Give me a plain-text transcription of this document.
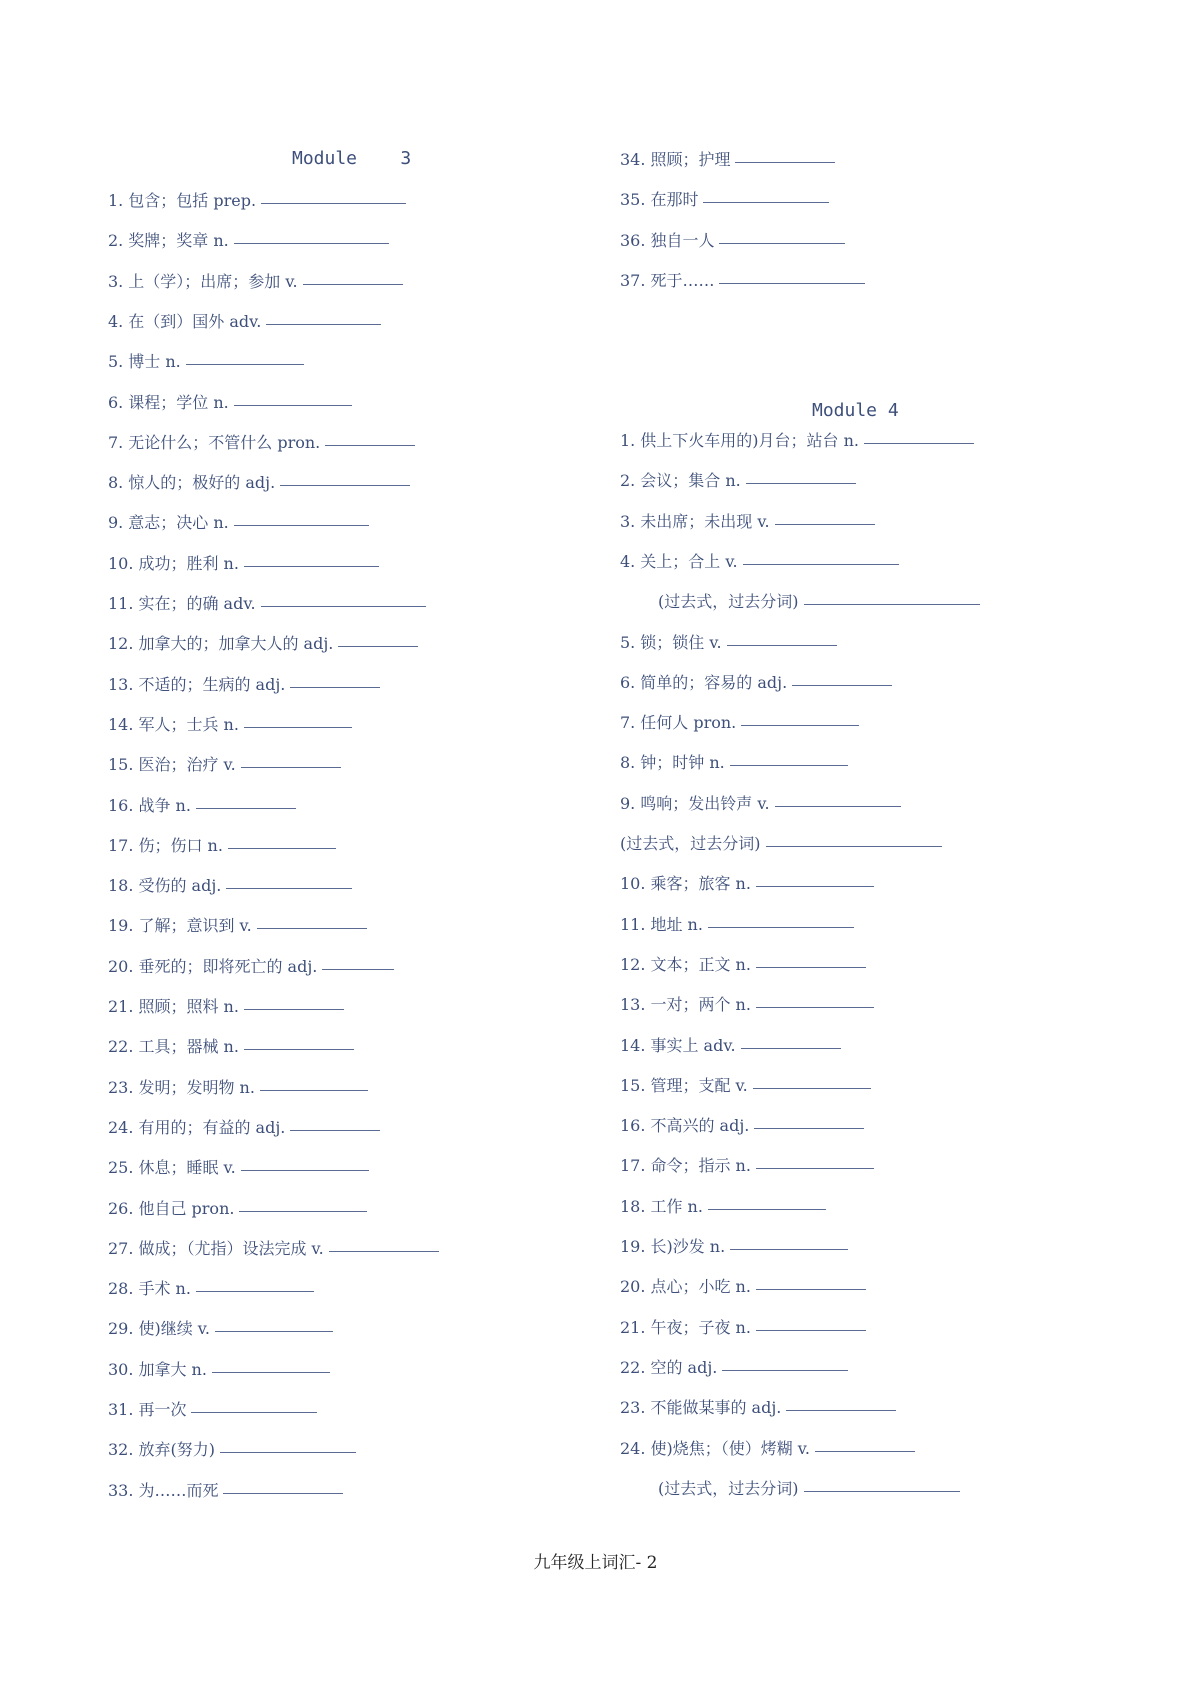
Module    3
1. 包含；包括 prep.
2. 奖牌；奖章 n.
3. 上（学）；出席；参加 v.
4. 在（到）国外 adv.
5. 博士 n.
6. 课程；学位 n.
7. 无论什么；不管什么 pron.
8. 惊人的；极好的 adj.
9. 意志；决心 n.
10. 成功；胜利 n.
11. 实在；的确 adv.
12. 加拿大的；加拿大人的 adj.
13. 不适的；生病的 adj.
14. 军人；士兵 n.
15. 医治；治疗 v.
16. 战争 n.
17. 伤；伤口 n.
18. 受伤的 adj.
19. 了解；意识到 v.
20. 垂死的；即将死亡的 adj.
21. 照顾；照料 n.
22. 工具；器械 n.
23. 发明；发明物 n.
24. 有用的；有益的 adj.
25. 休息；睡眠 v.
26. 他自己 pron.
27. 做成；（尤指）设法完成 v.
28. 手术 n.
29. 使)继续 v.
30. 加拿大 n.
31. 再一次
32. 放弃(努力)
33. 为……而死
34. 照顾；护理
35. 在那时
36. 独自一人
37. 死于……
Module 4
1. 供上下火车用的)月台；站台 n.
2. 会议；集合 n.
3. 未出席；未出现 v.
4. 关上；合上 v.
(过去式，过去分词)
5. 锁；锁住 v.
6. 简单的；容易的 adj.
7. 任何人 pron.
8. 钟；时钟 n.
9. 鸣响；发出铃声 v.
(过去式，过去分词)
10. 乘客；旅客 n.
11. 地址 n.
12. 文本；正文 n.
13. 一对；两个 n.
14. 事实上 adv.
15. 管理；支配 v.
16. 不高兴的 adj.
17. 命令；指示 n.
18. 工作 n.
19. 长)沙发 n.
20. 点心；小吃 n.
21. 午夜；子夜 n.
22. 空的 adj.
23. 不能做某事的 adj.
24. 使)烧焦；（使）烤糊 v.
(过去式，过去分词)
九年级上词汇- 2
